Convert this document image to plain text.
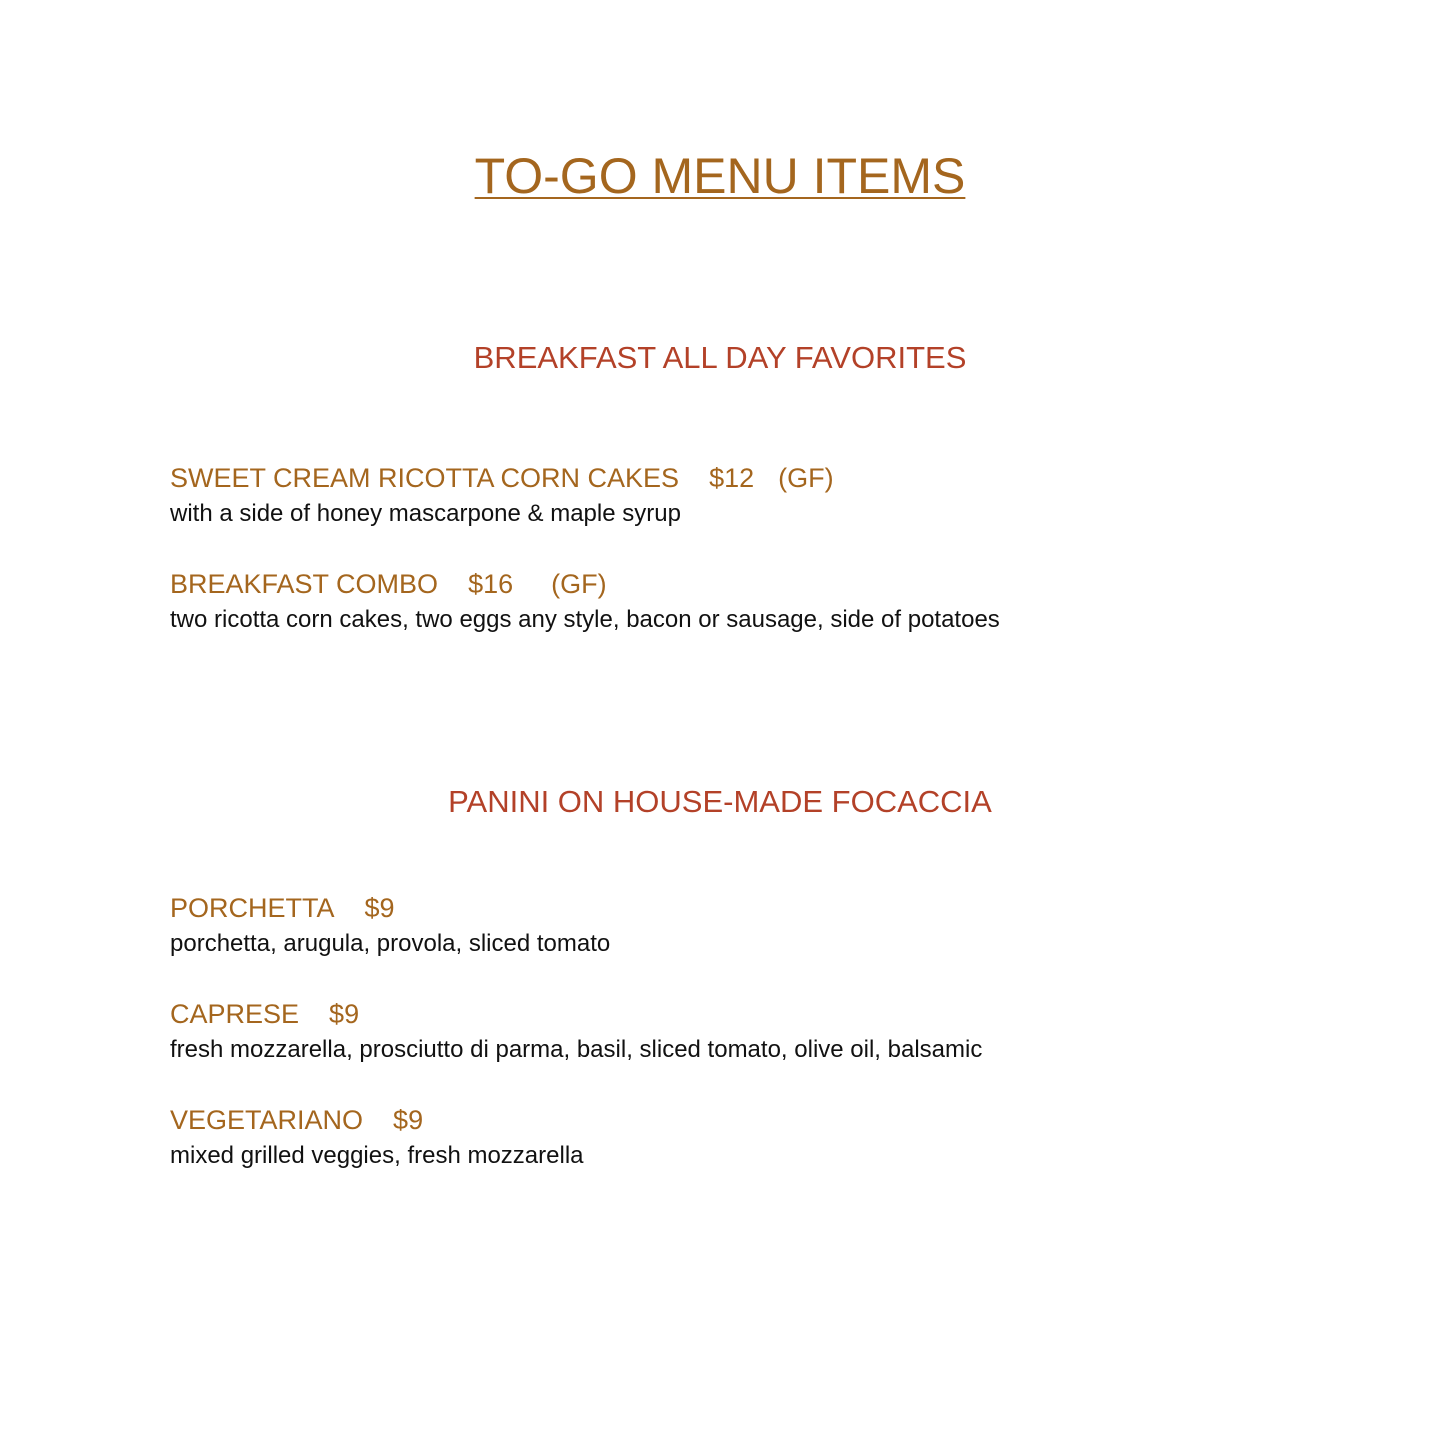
TO-GO MENU ITEMS
BREAKFAST ALL DAY FAVORITES
SWEET CREAM RICOTTA CORN CAKES $12 (GF)
with a side of honey mascarpone & maple syrup
BREAKFAST COMBO $16 (GF)
two ricotta corn cakes, two eggs any style, bacon or sausage, side of potatoes
PANINI ON HOUSE-MADE FOCACCIA
PORCHETTA $9
porchetta, arugula, provola, sliced tomato
CAPRESE $9
fresh mozzarella, prosciutto di parma, basil, sliced tomato, olive oil, balsamic
VEGETARIANO $9
mixed grilled veggies, fresh mozzarella
